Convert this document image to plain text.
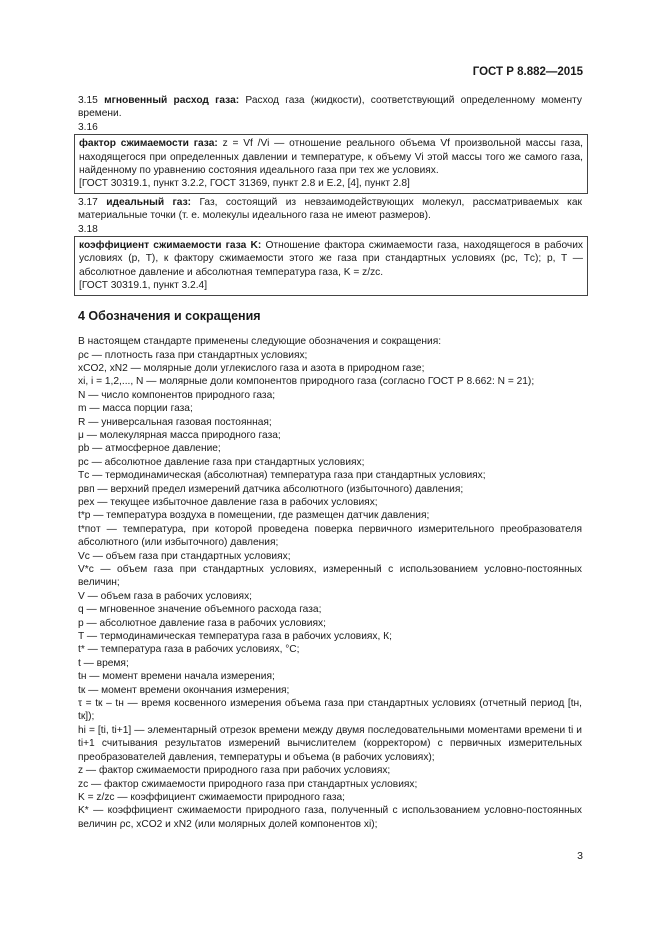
ГОСТ Р 8.882—2015

3.15 мгновенный расход газа: Расход газа (жидкости), соответствующий определенному моменту времени.

3.16

фактор сжимаемости газа: z = Vf /Vi — отношение реального объема Vf произвольной массы газа, находящегося при определенных давлении и температуре, к объему Vi этой массы того же самого газа, найденному по уравнению состояния идеального газа при тех же условиях.

[ГОСТ 30319.1, пункт 3.2.2, ГОСТ 31369, пункт 2.8 и Е.2, [4], пункт 2.8]

3.17 идеальный газ: Газ, состоящий из невзаимодействующих молекул, рассматриваемых как материальные точки (т. е. молекулы идеального газа не имеют размеров).

3.18

коэффициент сжимаемости газа K: Отношение фактора сжимаемости газа, находящегося в рабочих условиях (p, T), к фактору сжимаемости этого же газа при стандартных условиях (pс, Tс); p, T — абсолютное давление и абсолютная температура газа, K = z/zс.

[ГОСТ 30319.1, пункт 3.2.4]

4 Обозначения и сокращения

В настоящем стандарте применены следующие обозначения и сокращения:

ρс — плотность газа при стандартных условиях;

xCO2, xN2 — молярные доли углекислого газа и азота в природном газе;

xi, i = 1,2,..., N — молярные доли компонентов природного газа (согласно ГОСТ Р 8.662: N = 21);

N — число компонентов природного газа;

m — масса порции газа;

R — универсальная газовая постоянная;

μ — молекулярная масса природного газа;

pb — атмосферное давление;

pс — абсолютное давление газа при стандартных условиях;

Tс — термодинамическая (абсолютная) температура газа при стандартных условиях;

pвп — верхний предел измерений датчика абсолютного (избыточного) давления;

pex — текущее избыточное давление газа в рабочих условиях;

t*p — температура воздуха в помещении, где размещен датчик давления;

t*пoт — температура, при которой проведена поверка первичного измерительного преобразователя абсолютного (или избыточного) давления;

Vс — объем газа при стандартных условиях;

V*с — объем газа при стандартных условиях, измеренный с использованием условно-постоянных величин;

V — объем газа в рабочих условиях;

q — мгновенное значение объемного расхода газа;

p — абсолютное давление газа в рабочих условиях;

T — термодинамическая температура газа в рабочих условиях, К;

t* — температура газа в рабочих условиях, °С;

t — время;

tн — момент времени начала измерения;

tк — момент времени окончания измерения;

τ = tк – tн — время косвенного измерения объема газа при стандартных условиях (отчетный период [tн, tк]);

hi = [ti, ti+1] — элементарный отрезок времени между двумя последовательными моментами времени ti и ti+1 считывания результатов измерений вычислителем (корректором) с первичных измерительных преобразователей давления, температуры и объема (в рабочих условиях);

z — фактор сжимаемости природного газа при рабочих условиях;

zс — фактор сжимаемости природного газа при стандартных условиях;

K = z/zс — коэффициент сжимаемости природного газа;

K* — коэффициент сжимаемости природного газа, полученный с использованием условно-постоянных величин ρс, xCO2 и xN2 (или молярных долей компонентов xi);

3
